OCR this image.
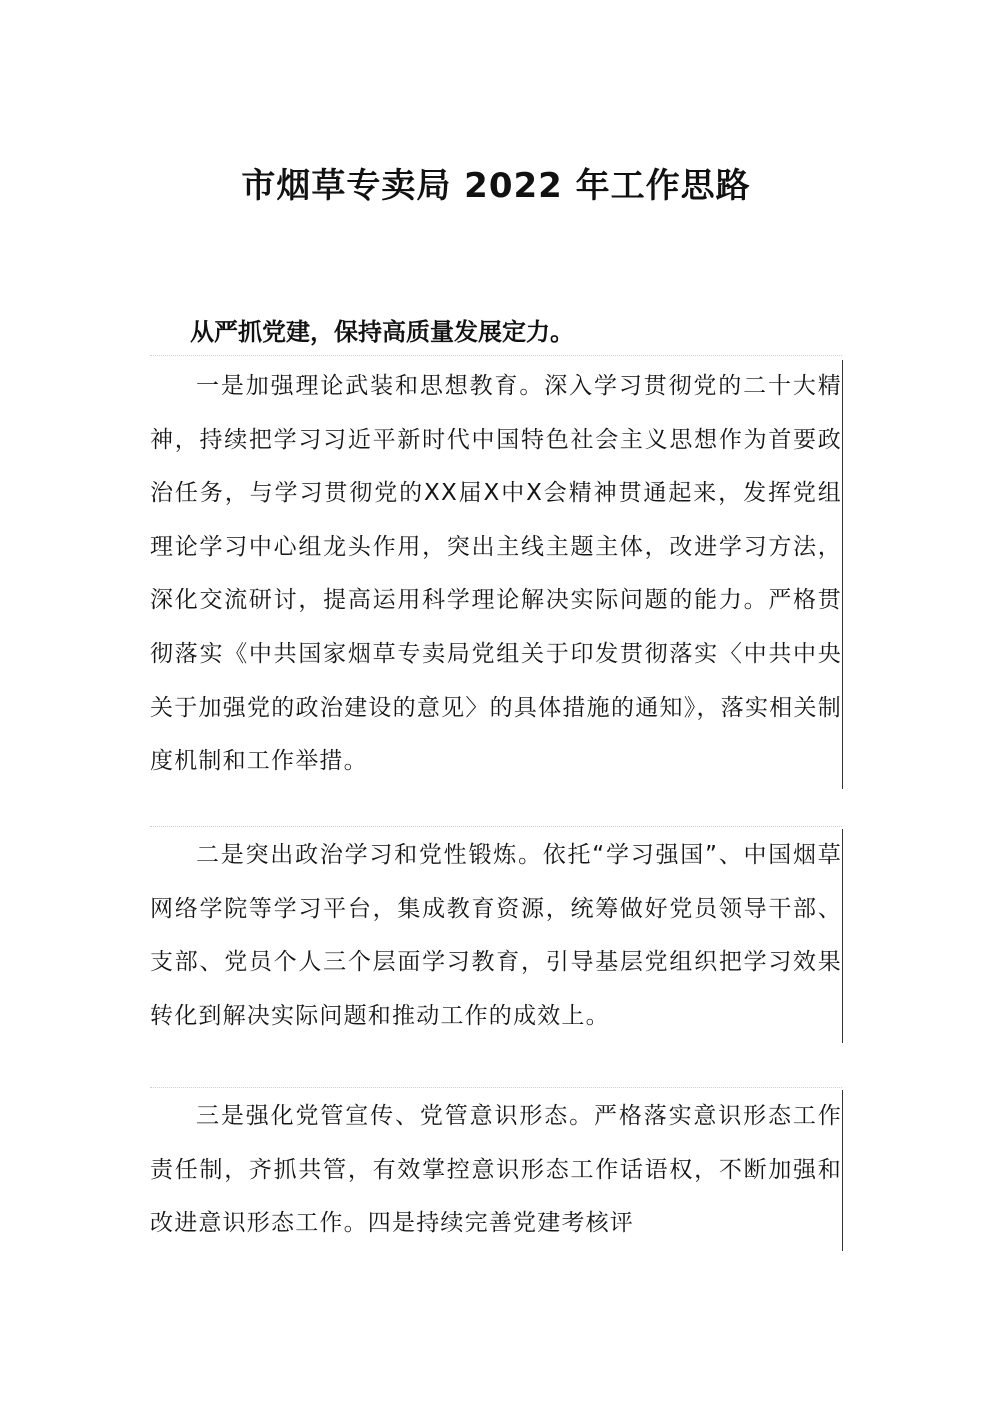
市烟草专卖局 2022 年工作思路
从严抓党建，保持高质量发展定力。

一是加强理论武装和思想教育。深入学习贯彻党的二十大精神，持续把学习习近平新时代中国特色社会主义思想作为首要政治任务，与学习贯彻党的XX届X中X会精神贯通起来，发挥党组理论学习中心组龙头作用，突出主线主题主体，改进学习方法，深化交流研讨，提高运用科学理论解决实际问题的能力。严格贯彻落实《中共国家烟草专卖局党组关于印发贯彻落实〈中共中央关于加强党的政治建设的意见〉的具体措施的通知》，落实相关制度机制和工作举措。

二是突出政治学习和党性锻炼。依托“学习强国”、中国烟草网络学院等学习平台，集成教育资源，统筹做好党员领导干部、支部、党员个人三个层面学习教育，引导基层党组织把学习效果转化到解决实际问题和推动工作的成效上。

三是强化党管宣传、党管意识形态。严格落实意识形态工作责任制，齐抓共管，有效掌控意识形态工作话语权，不断加强和改进意识形态工作。四是持续完善党建考核评
